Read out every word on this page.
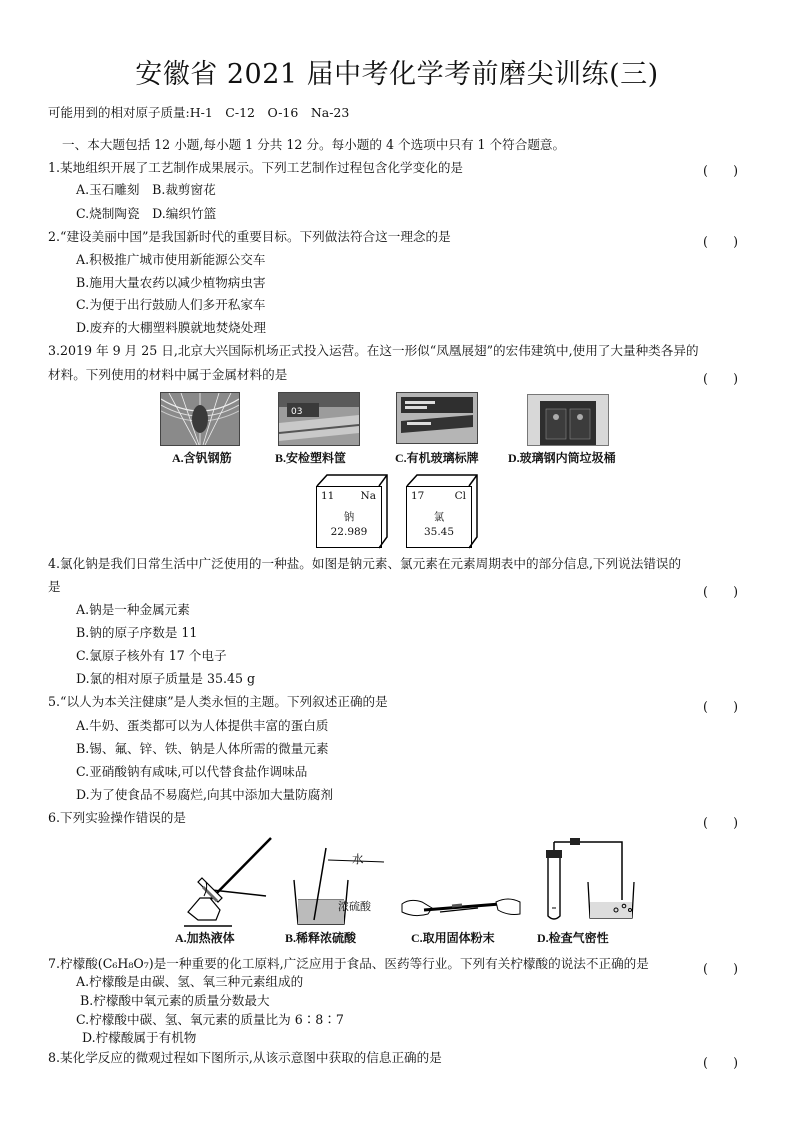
安徽省 2021 届中考化学考前磨尖训练(三)
可能用到的相对原子质量:H-1　C-12　O-16　Na-23
一、本大题包括 12 小题,每小题 1 分共 12 分。每小题的 4 个选项中只有 1 个符合题意。
1.某地组织开展了工艺制作成果展示。下列工艺制作过程包含化学变化的是	(　　)
A.玉石雕刻　B.裁剪窗花
C.烧制陶瓷　D.编织竹篮
2.“建设美丽中国”是我国新时代的重要目标。下列做法符合这一理念的是	(　　)
A.积极推广城市使用新能源公交车
B.施用大量农药以减少植物病虫害
C.为便于出行鼓励人们多开私家车
D.废弃的大棚塑料膜就地焚烧处理
3.2019 年 9 月 25 日,北京大兴国际机场正式投入运营。在这一形似“凤凰展翅”的宏伟建筑中,使用了大量种类各异的
材料。下列使用的材料中属于金属材料的是	(　　)
03
A.含钒钢筋	B.安检塑料筐	C.有机玻璃标牌 D.玻璃钢内筒垃圾桶
11 Na
钠
22.989
17	Cl
氯
35.45
4.氯化钠是我们日常生活中广泛使用的一种盐。如图是钠元素、氯元素在元素周期表中的部分信息,下列说法错误的
是	(　　)
A.钠是一种金属元素
B.钠的原子序数是 11
C.氯原子核外有 17 个电子
D.氯的相对原子质量是 35.45 g
5.“以人为本关注健康”是人类永恒的主题。下列叙述正确的是	(　　)
A.牛奶、蛋类都可以为人体提供丰富的蛋白质
B.锡、氟、锌、铁、钠是人体所需的微量元素
C.亚硝酸钠有咸味,可以代替食盐作调味品
D.为了使食品不易腐烂,向其中添加大量防腐剂
6.下列实验操作错误的是	(　　)
A.加热液体
水
浓硫酸
B.稀释浓硫酸	C.取用固体粉末	D.检查气密性
7.柠檬酸(C₆H₈O₇)是一种重要的化工原料,广泛应用于食品、医药等行业。下列有关柠檬酸的说法不正确的是	(　　)
A.柠檬酸是由碳、氢、氧三种元素组成的
B.柠檬酸中氧元素的质量分数最大
C.柠檬酸中碳、氢、氧元素的质量比为 6∶8∶7
D.柠檬酸属于有机物
8.某化学反应的微观过程如下图所示,从该示意图中获取的信息正确的是	(　　)
